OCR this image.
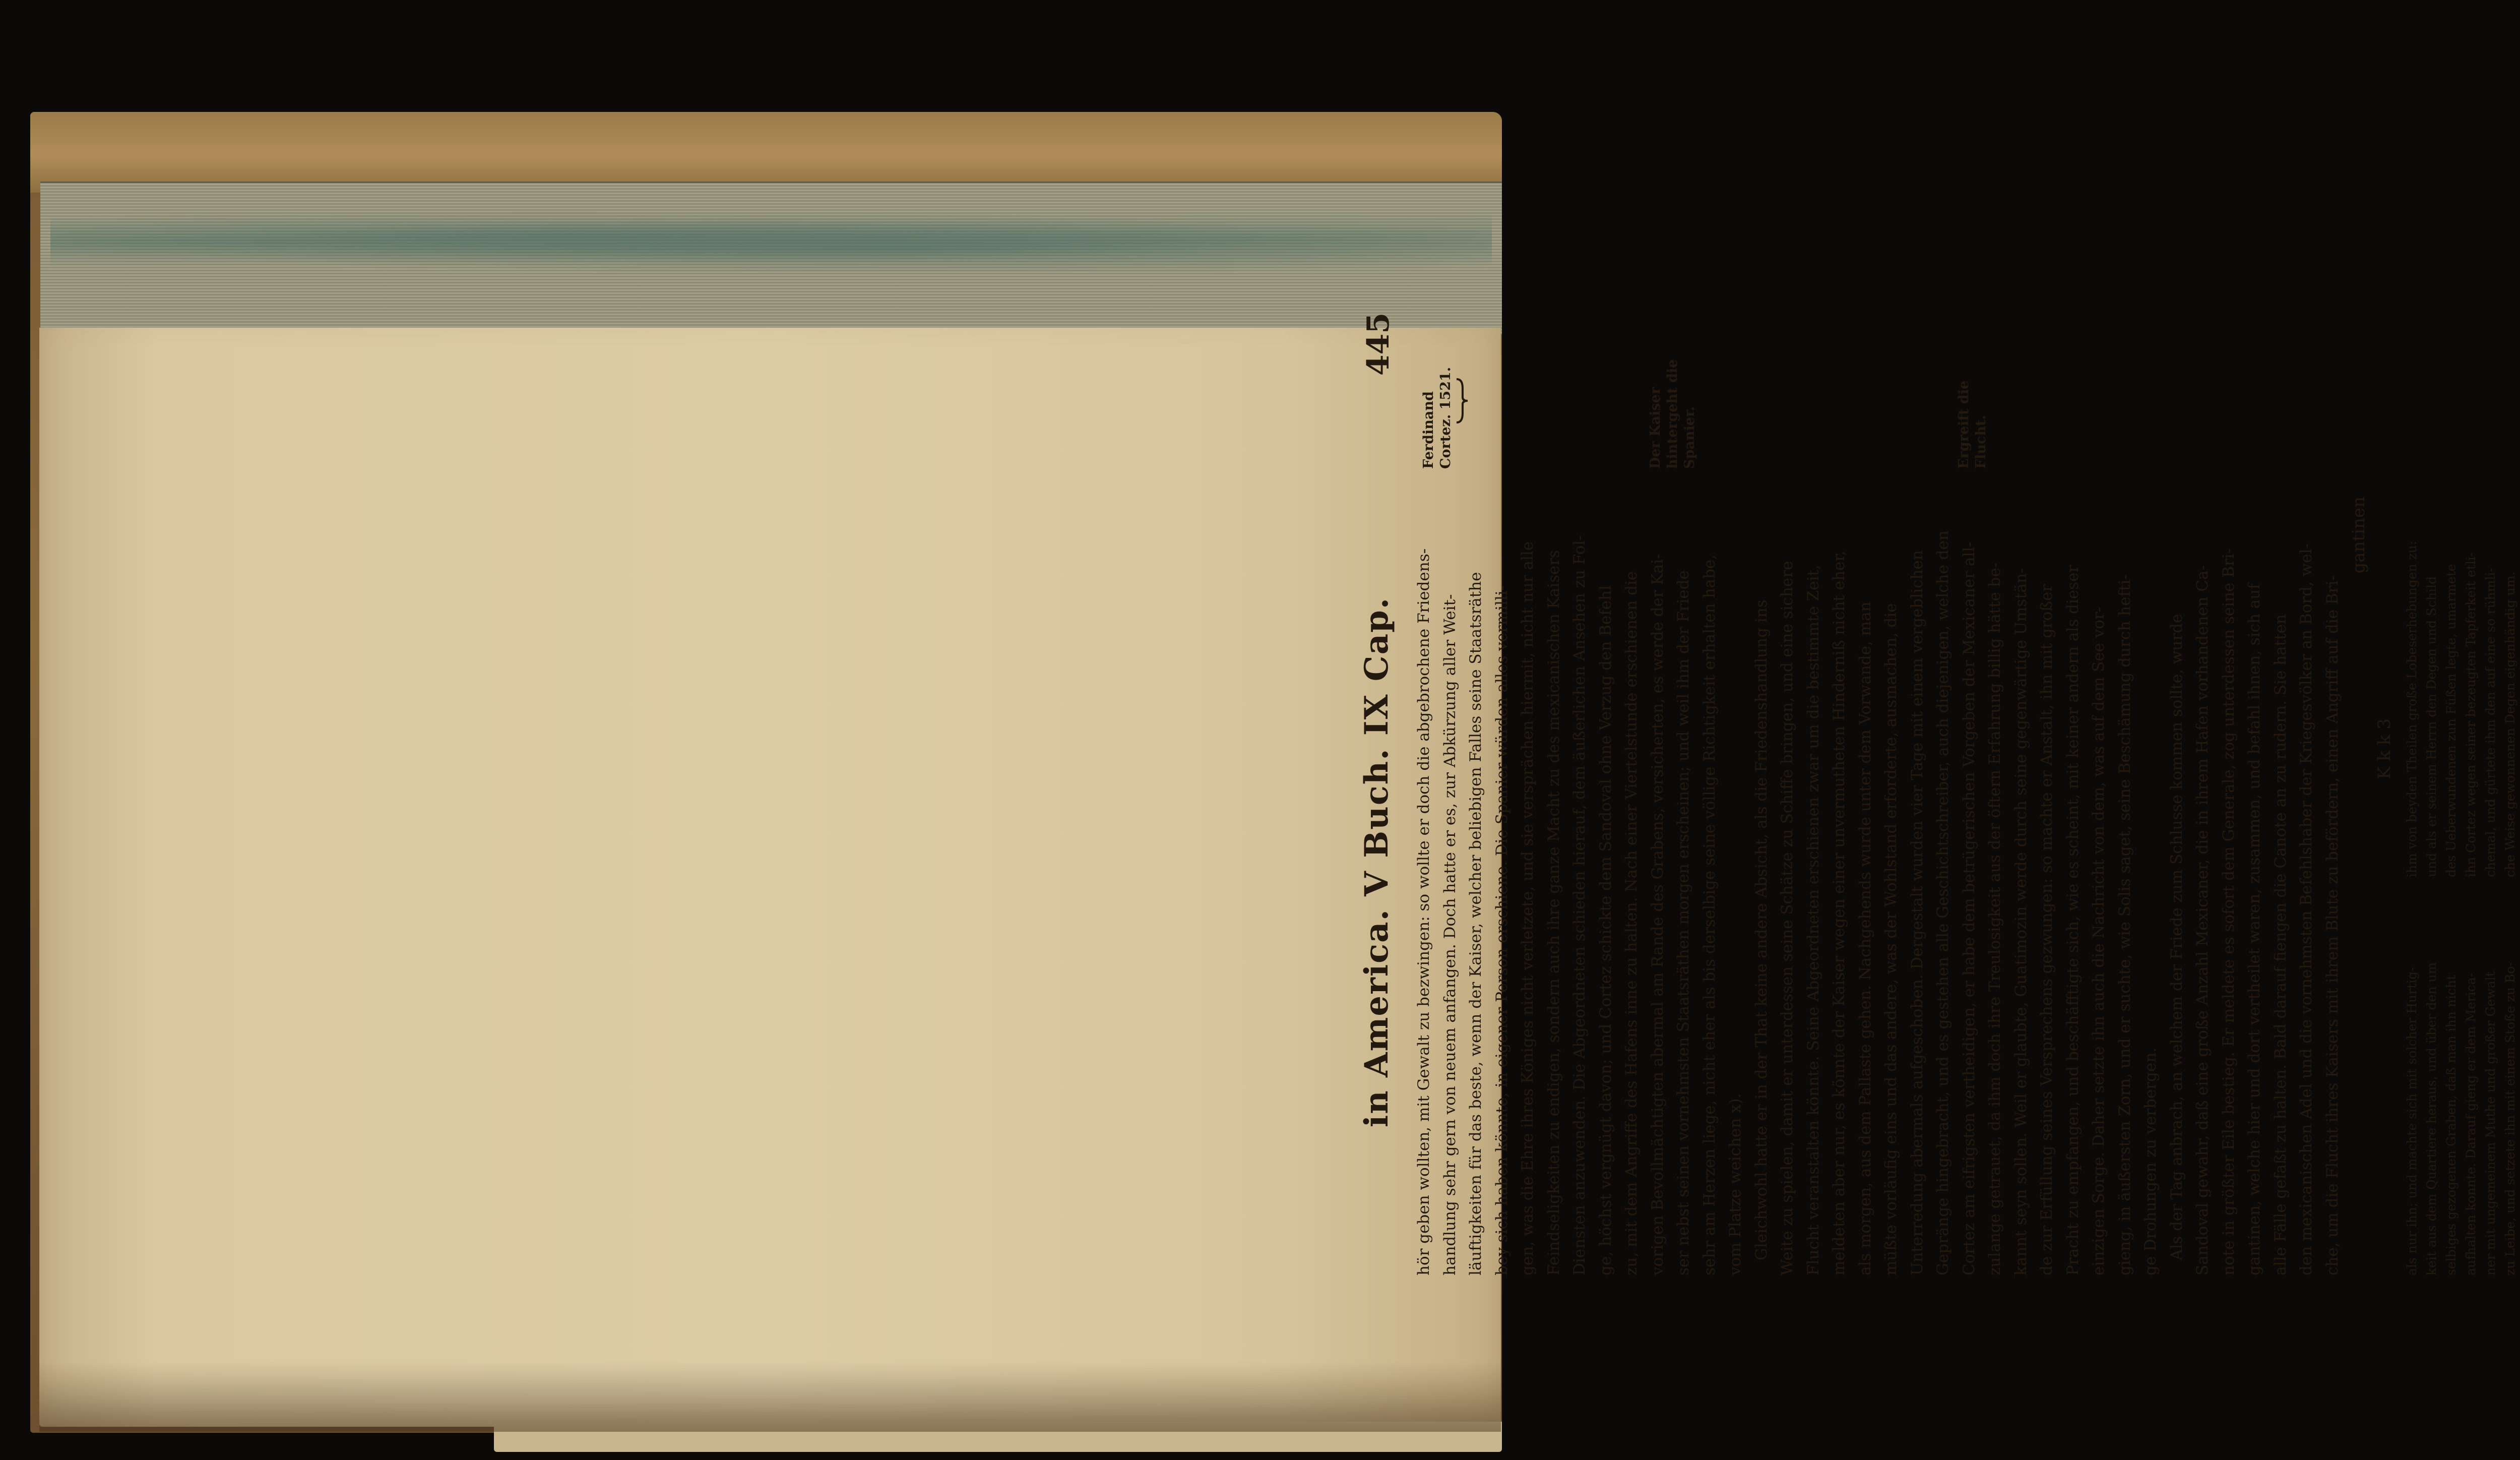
in America. V Buch. IX Cap.
445
hör geben wollten, mit Gewalt zu bezwingen: so wollte er doch die abgebrochene Friedens- handlung sehr gern von neuem anfangen. Doch hatte er es, zur Abkürzung aller Weit- läuftigkeiten für das beste, wenn der Kaiser, welcher beliebigen Falles seine Staatsräthe bey sich haben könnte, in eigener Person erschiene. Die Spanier würden alles vermilli- gen, was die Ehre ihres Königes nicht verletzete, und sie versprächen hiermit, nicht nur alle Feindseligkeiten zu endigen, sondern auch ihre ganze Macht zu des mexicanischen Kaisers Diensten anzuwenden. Die Abgeordneten schieden hierauf, dem äußerlichen Ansehen zu Fol- ge, höchst vergnügt davon; und Cortez schickte dem Sandoval ohne Verzug den Befehl zu, mit dem Angriffe des Hafens inne zu halten. Nach einer Viertelstunde erschienen die vorigen Bevollmächtigten abermal am Rande des Grabens, versicherten, es werde der Kai- ser nebst seinen vornehmsten Staatsräthen morgen erscheinen; und weil ihm der Friede sehr am Herzen liege, nicht eher als bis derselbige seine völlige Richtigkeit erhalten habe, vom Platze weichen x). Gleichwohl hatte er in der That keine andere Absicht, als die Friedenshandlung ins Weite zu spielen, damit er unterdessen seine Schätze zu Schiffe bringen, und eine sichere Flucht veranstalten könnte. Seine Abgeordneten erschienen zwar um die bestimmte Zeit, meldeten aber nur, es könnte der Kaiser wegen einer unvermutheten Hinderniß nicht eher, als morgen, aus dem Pallaste gehen. Nachgehends wurde unter dem Vorwande, man müßte vorläufig eins und das andere, was der Wohlstand erforderte, ausmachen, die Unterredung abermals aufgeschoben. Dergestalt wurden vier Tage mit einem vergeblichen Gepränge hingebracht, und es gestehen alle Geschichtschreiber, auch diejenigen, welche den Cortez am eifrigsten vertheidigen, er habe dem betrügerischen Vorgeben der Mexicaner all- zulange getrauet, da ihm doch ihre Treulosigkeit aus der öftern Erfahrung billig hätte be- kannt seyn sollen. Weil er glaubte, Guatimozin werde durch seine gegenwärtige Umstän- de zur Erfüllung seines Versprechens gezwungen: so machte er Anstalt, ihn mit großer Pracht zu empfangen, und beschäfftigte sich, wie es scheint, mit keiner andern als dieser einzigen Sorge. Daher setzte ihn auch die Nachricht von dem, was auf dem See vor- gieng, in äußersten Zorn, und er suchte, wie Solis saget, seine Beschämung durch hefti- ge Drohungen zu verbergen. Als der Tag anbrach, an welchem der Friede zum Schlusse kommen sollte, wurde Sandoval gewahr, daß eine große Anzahl Mexicaner, die in ihrem Hafen vorhandenen Ca- note in größter Eile bestieg. Er meldete es sofort dem Generale, zog unterdessen seine Bri- gantinen, welche hier und dort vertheilet waren, zusammen, und befahl ihnen, sich auf alle Fälle gefaßt zu halten. Bald darauf fiengen die Canote an zu rudern. Sie hatten den mexicanischen Adel und die vornehmsten Befehlshaber der Kriegesvölker an Bord, wel- che, um die Flucht ihres Kaisers mit ihrem Blute zu befördern, einen Angriff auf die Bri-
gantinen
K k k 3
als nur ihn; und machte sich mit solcher Hurtig- keit aus dem Quartiere heraus, und über den um selbiges gezogenen Graben, daß man ihn nicht aufhalten konnte. Darauf gieng er dem Merica- ner mit ungemeinem Muthe und großer Gewalt zu Leibe, und setzete ihn mit einem Stoße zu Bo-
ihm von beyden Theilen große Lobeserhebungen zu: und als er seinem Herrn den Degen und Schild des Ueberwundenen zun Füßen legte, umarmete ihn Cortez wegen seiner bezeugten Tapferkeit etli- chemal, und gürtete ihm den auf eine so rühmli- che Weise gewonnenen Degen eigenhändig um.
Ferdinand Cortez. 1521.	Der Kaiser hintergeht die Spanier.	Ergreift die Flucht.
